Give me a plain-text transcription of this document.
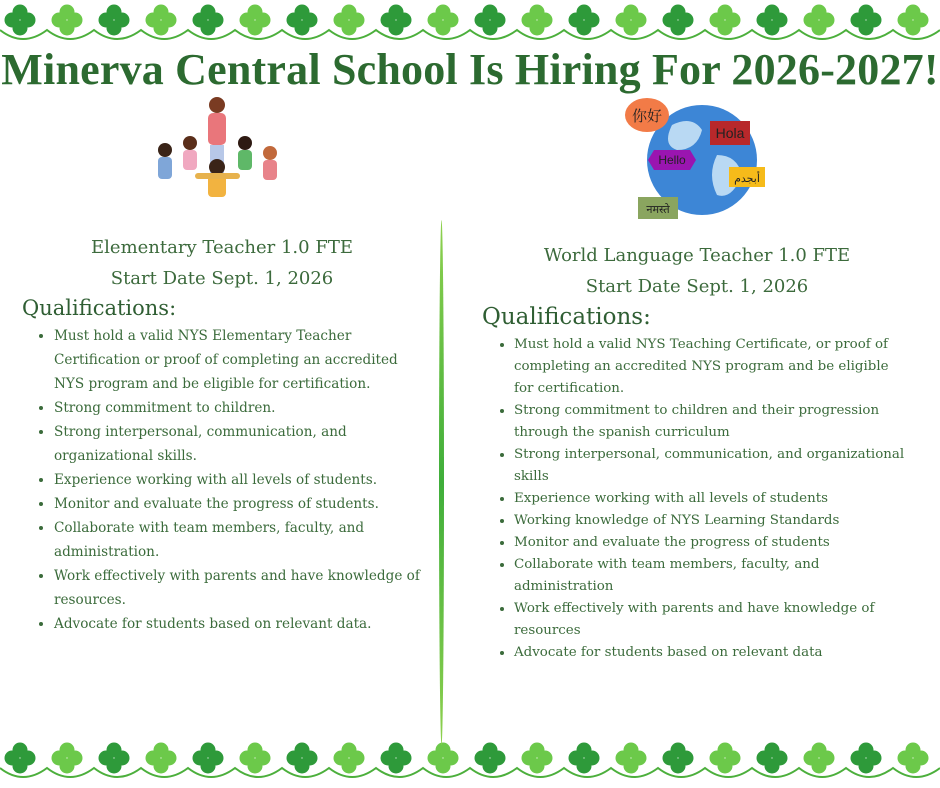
Minerva Central School Is Hiring For 2026-2027!
你好
Hola
Hello
أبجدم
नमस्ते
Elementary Teacher 1.0 FTE
Start Date Sept. 1, 2026
Qualifications:
• Must hold a valid NYS Elementary Teacher Certification or proof of completing an accredited NYS program and be eligible for certification.
• Strong commitment to children.
• Strong interpersonal, communication, and organizational skills.
• Experience working with all levels of students.
• Monitor and evaluate the progress of students.
• Collaborate with team members, faculty, and administration.
• Work effectively with parents and have knowledge of resources.
• Advocate for students based on relevant data.
World Language Teacher 1.0 FTE
Start Date Sept. 1, 2026
Qualifications:
• Must hold a valid NYS Teaching Certificate, or proof of completing an accredited NYS program and be eligible for certification.
• Strong commitment to children and their progression through the spanish curriculum
• Strong interpersonal, communication, and organizational skills
• Experience working with all levels of students
• Working knowledge of NYS Learning Standards
• Monitor and evaluate the progress of students
• Collaborate with team members, faculty, and administration
• Work effectively with parents and have knowledge of resources
• Advocate for students based on relevant data
